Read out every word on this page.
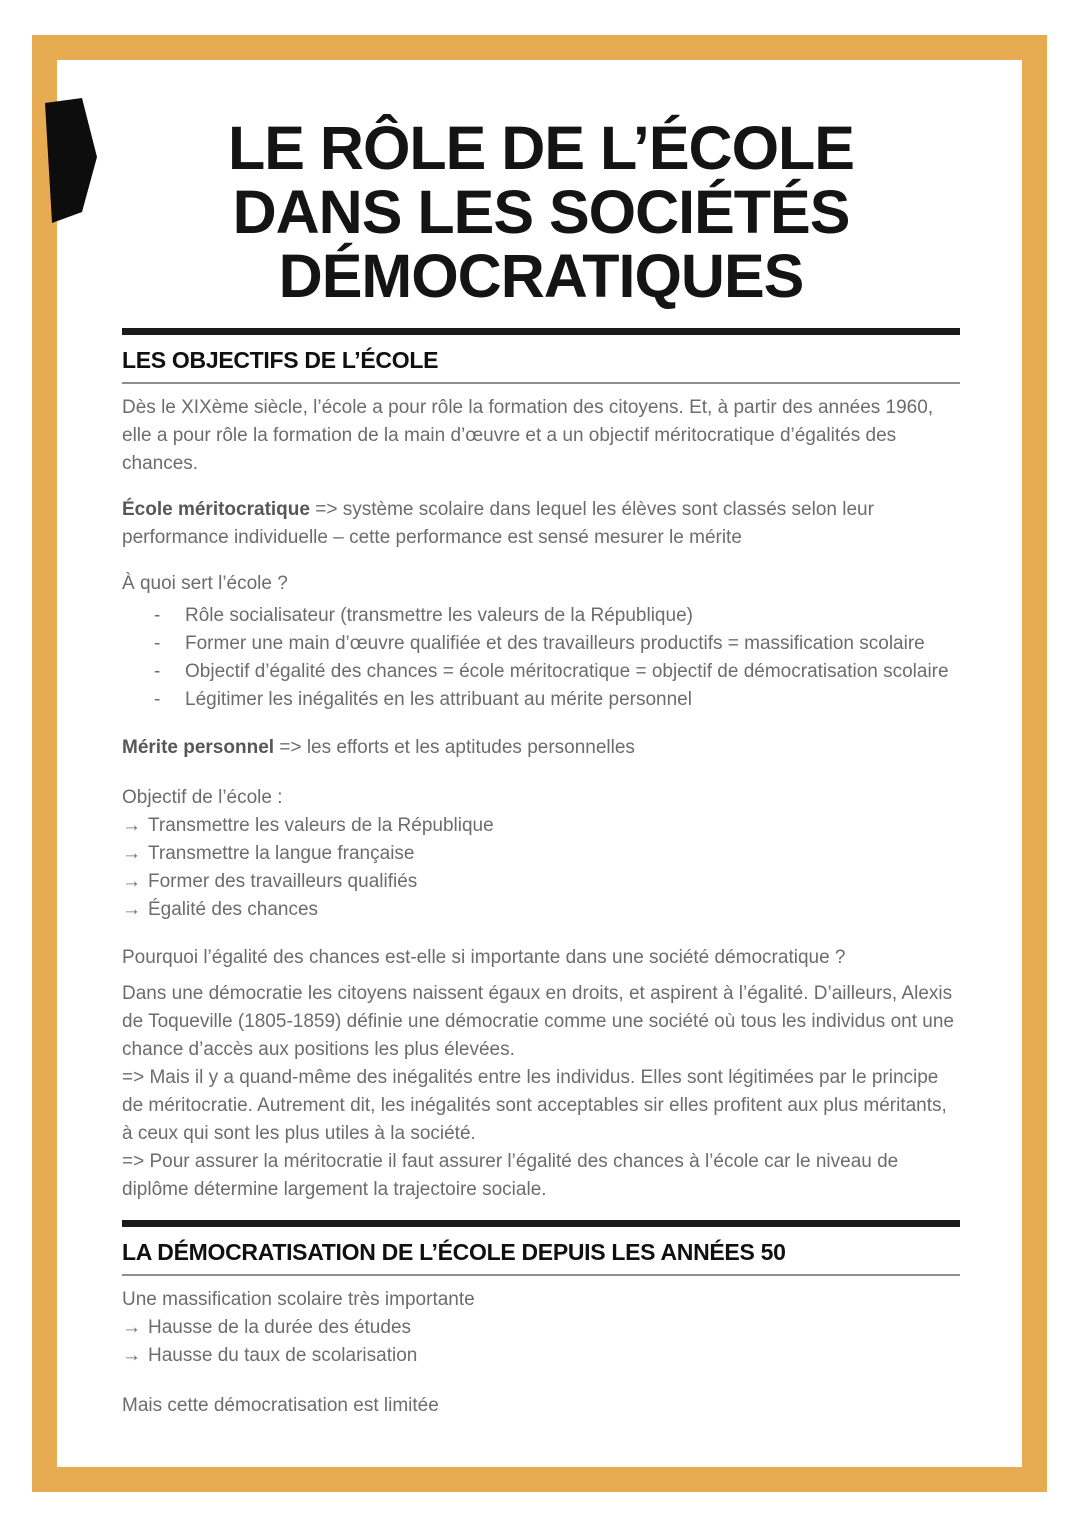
LE RÔLE DE L’ÉCOLE
DANS LES SOCIÉTÉS
DÉMOCRATIQUES
LES OBJECTIFS DE L’ÉCOLE

Dès le XIXème siècle, l’école a pour rôle la formation des citoyens. Et, à partir des années 1960, elle a pour rôle la formation de la main d’œuvre et a un objectif méritocratique d’égalités des chances.

École méritocratique => système scolaire dans lequel les élèves sont classés selon leur performance individuelle – cette performance est sensé mesurer le mérite

À quoi sert l’école ?

-	Rôle socialisateur (transmettre les valeurs de la République)
-	Former une main d’œuvre qualifiée et des travailleurs productifs = massification scolaire
-	Objectif d’égalité des chances = école méritocratique = objectif de démocratisation scolaire
-	Légitimer les inégalités en les attribuant au mérite personnel

Mérite personnel => les efforts et les aptitudes personnelles

Objectif de l’école :

→ Transmettre les valeurs de la République
→ Transmettre la langue française
→ Former des travailleurs qualifiés
→ Égalité des chances

Pourquoi l’égalité des chances est-elle si importante dans une société démocratique ?

Dans une démocratie les citoyens naissent égaux en droits, et aspirent à l’égalité. D’ailleurs, Alexis de Toqueville (1805-1859) définie une démocratie comme une société où tous les individus ont une chance d’accès aux positions les plus élevées.

=> Mais il y a quand-même des inégalités entre les individus. Elles sont légitimées par le principe de méritocratie. Autrement dit, les inégalités sont acceptables sir elles profitent aux plus méritants, à ceux qui sont les plus utiles à la société.

=> Pour assurer la méritocratie il faut assurer l’égalité des chances à l’école car le niveau de diplôme détermine largement la trajectoire sociale.

LA DÉMOCRATISATION DE L’ÉCOLE DEPUIS LES ANNÉES 50

Une massification scolaire très importante

→ Hausse de la durée des études
→ Hausse du taux de scolarisation

Mais cette démocratisation est limitée
